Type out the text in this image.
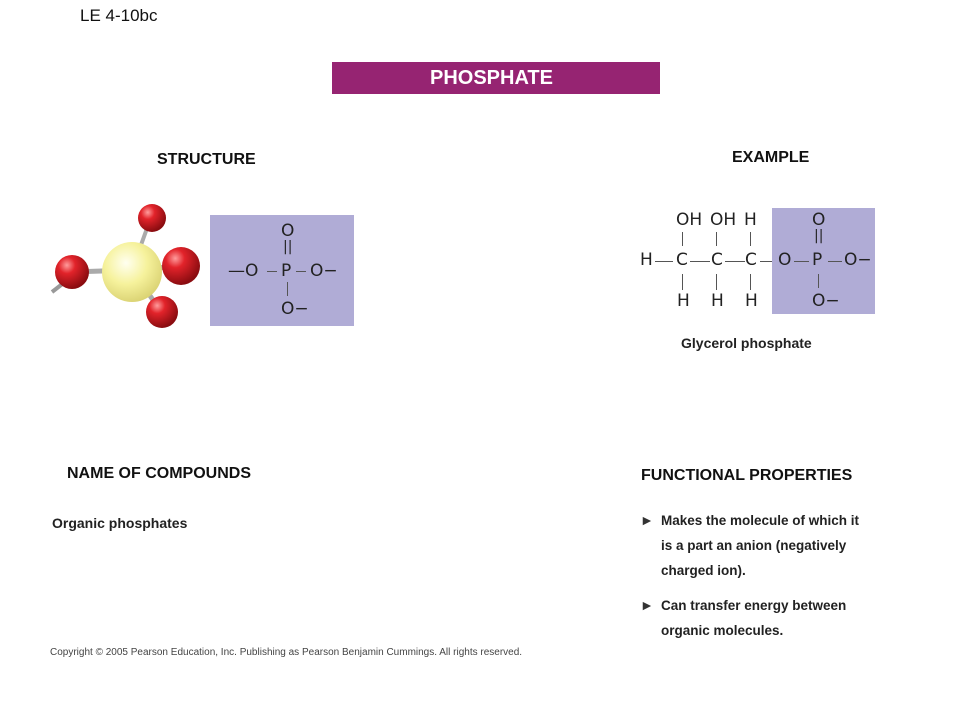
LE 4-10bc
PHOSPHATE
STRUCTURE
O
||
—O P O−
O−
EXAMPLE
OH OH H
H C C C
H H H
O
O
||
P O−
O−
Glycerol phosphate
NAME OF COMPOUNDS
Organic phosphates
FUNCTIONAL PROPERTIES
► Makes the molecule of which it
is a part an anion (negatively
charged ion).
► Can transfer energy between
organic molecules.
Copyright © 2005 Pearson Education, Inc. Publishing as Pearson Benjamin Cummings. All rights reserved.
